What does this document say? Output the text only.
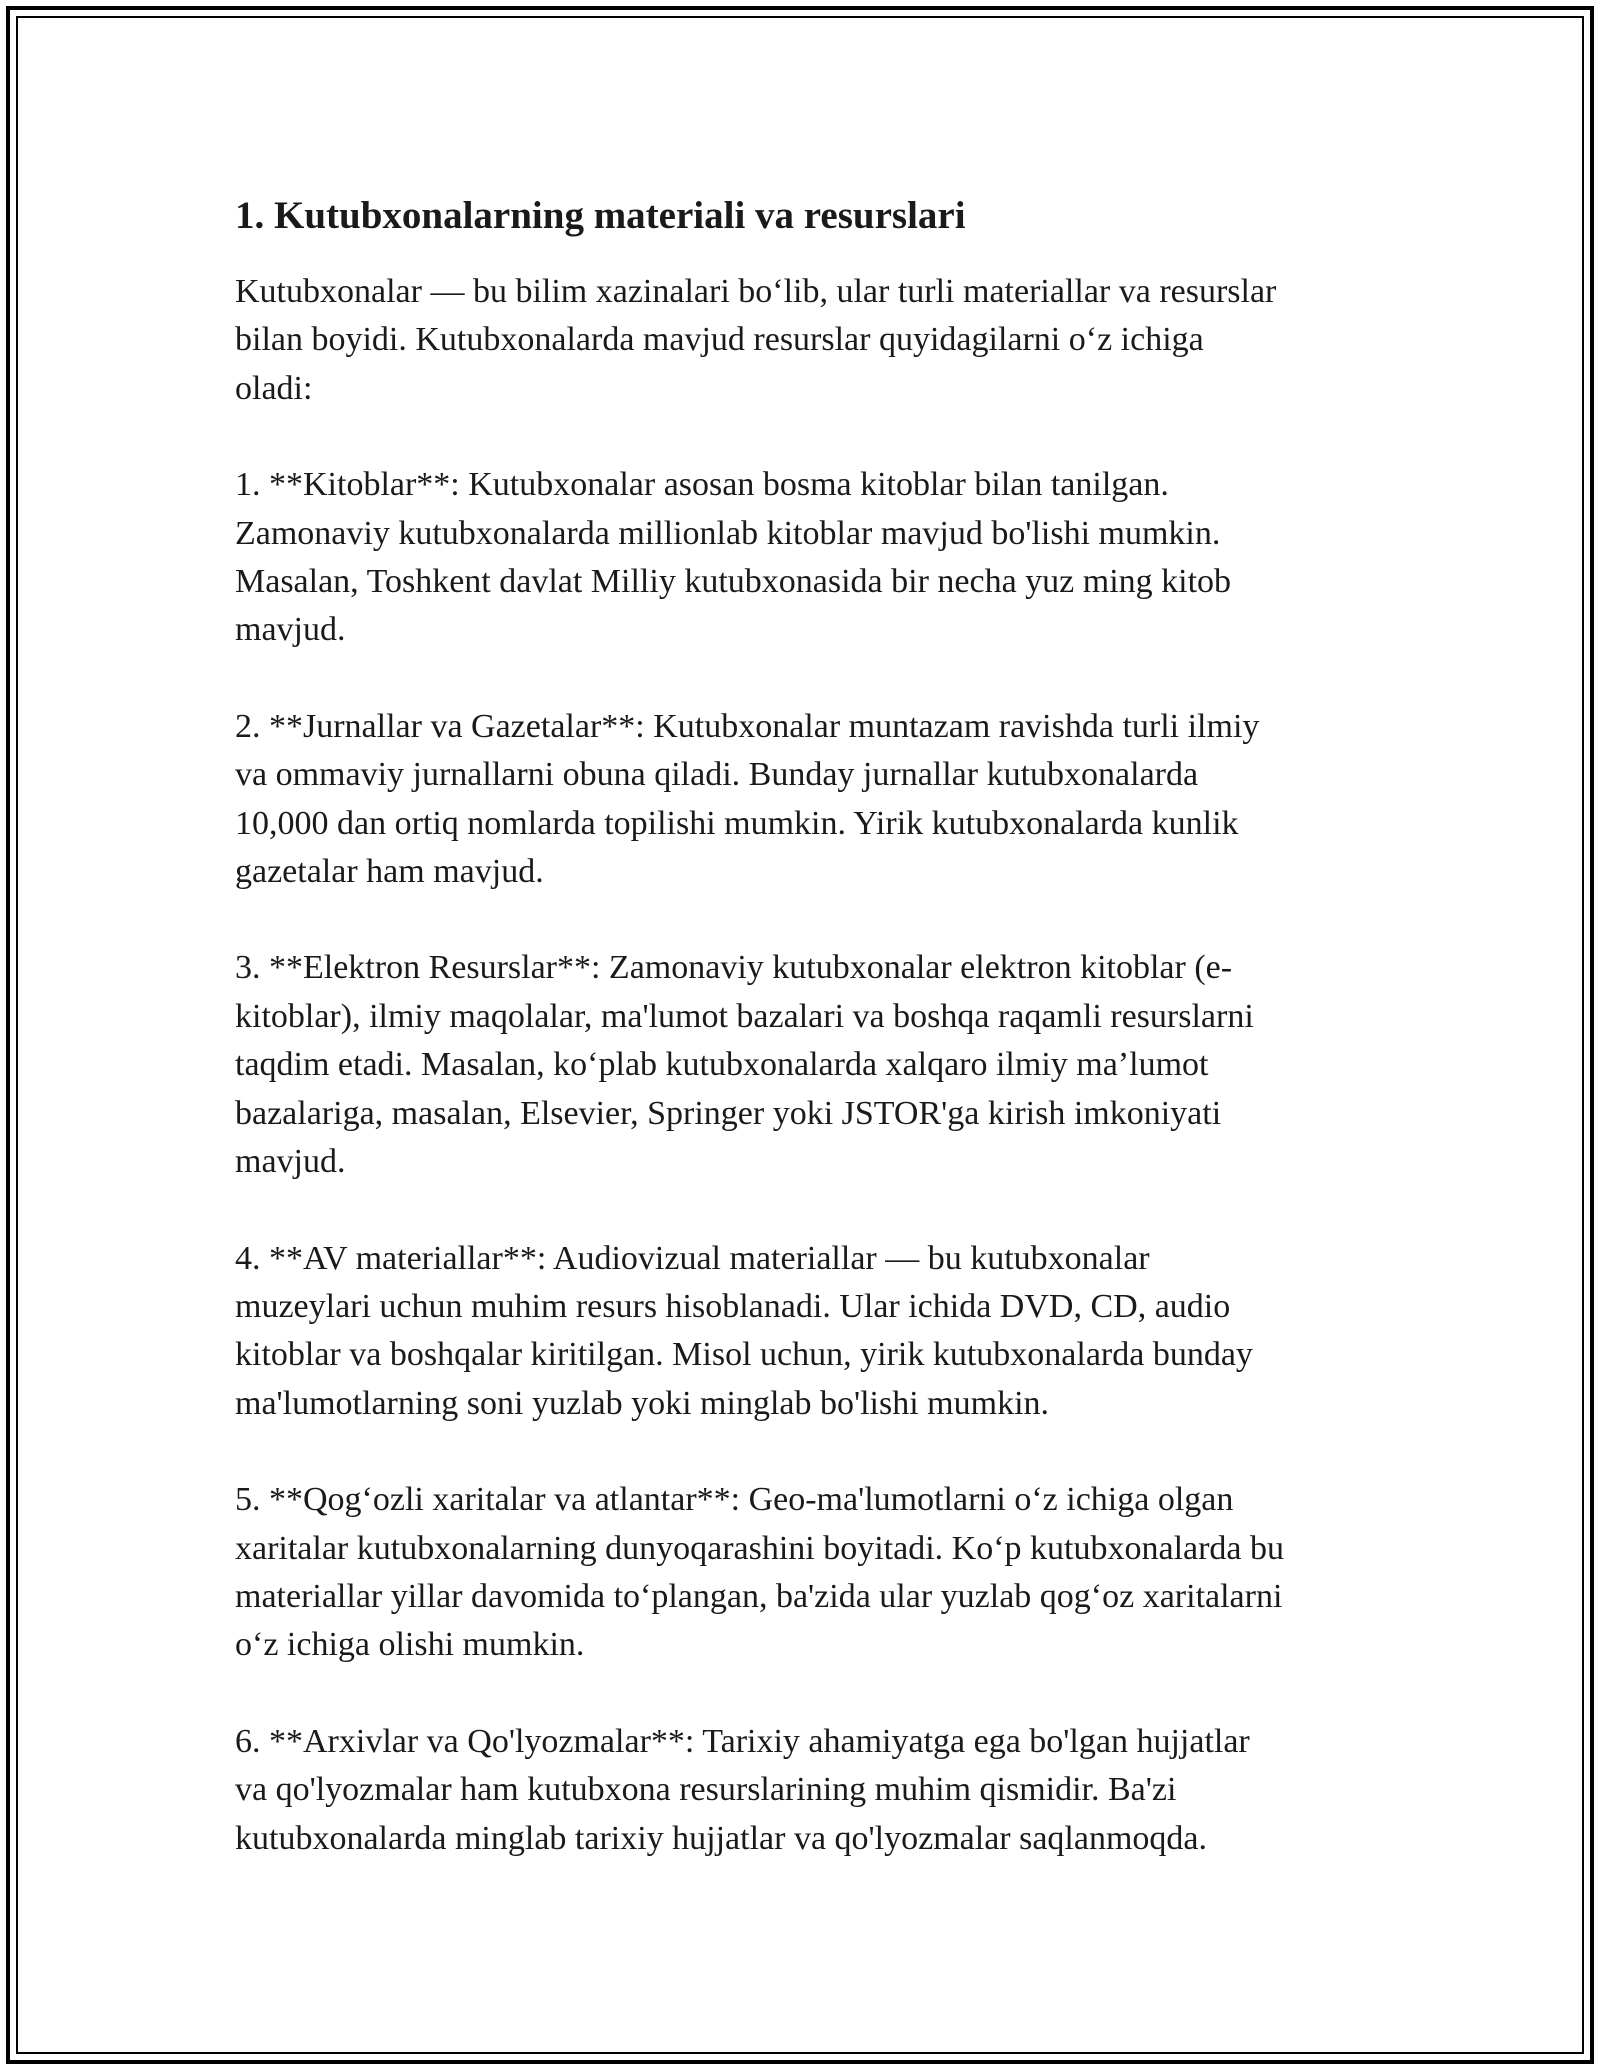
1. Kutubxonalarning materiali va resurslari

Kutubxonalar — bu bilim xazinalari bo‘lib, ular turli materiallar va resurslar
bilan boyidi. Kutubxonalarda mavjud resurslar quyidagilarni o‘z ichiga
oladi:

1. **Kitoblar**: Kutubxonalar asosan bosma kitoblar bilan tanilgan.
Zamonaviy kutubxonalarda millionlab kitoblar mavjud bo'lishi mumkin.
Masalan, Toshkent davlat Milliy kutubxonasida bir necha yuz ming kitob
mavjud.

2. **Jurnallar va Gazetalar**: Kutubxonalar muntazam ravishda turli ilmiy
va ommaviy jurnallarni obuna qiladi. Bunday jurnallar kutubxonalarda
10,000 dan ortiq nomlarda topilishi mumkin. Yirik kutubxonalarda kunlik
gazetalar ham mavjud.

3. **Elektron Resurslar**: Zamonaviy kutubxonalar elektron kitoblar (e-
kitoblar), ilmiy maqolalar, ma'lumot bazalari va boshqa raqamli resurslarni
taqdim etadi. Masalan, ko‘plab kutubxonalarda xalqaro ilmiy ma’lumot
bazalariga, masalan, Elsevier, Springer yoki JSTOR'ga kirish imkoniyati
mavjud.

4. **AV materiallar**: Audiovizual materiallar — bu kutubxonalar
muzeylari uchun muhim resurs hisoblanadi. Ular ichida DVD, CD, audio
kitoblar va boshqalar kiritilgan. Misol uchun, yirik kutubxonalarda bunday
ma'lumotlarning soni yuzlab yoki minglab bo'lishi mumkin.

5. **Qog‘ozli xaritalar va atlantar**: Geo-ma'lumotlarni o‘z ichiga olgan
xaritalar kutubxonalarning dunyoqarashini boyitadi. Ko‘p kutubxonalarda bu
materiallar yillar davomida to‘plangan, ba'zida ular yuzlab qog‘oz xaritalarni
o‘z ichiga olishi mumkin.

6. **Arxivlar va Qo'lyozmalar**: Tarixiy ahamiyatga ega bo'lgan hujjatlar
va qo'lyozmalar ham kutubxona resurslarining muhim qismidir. Ba'zi
kutubxonalarda minglab tarixiy hujjatlar va qo'lyozmalar saqlanmoqda.
